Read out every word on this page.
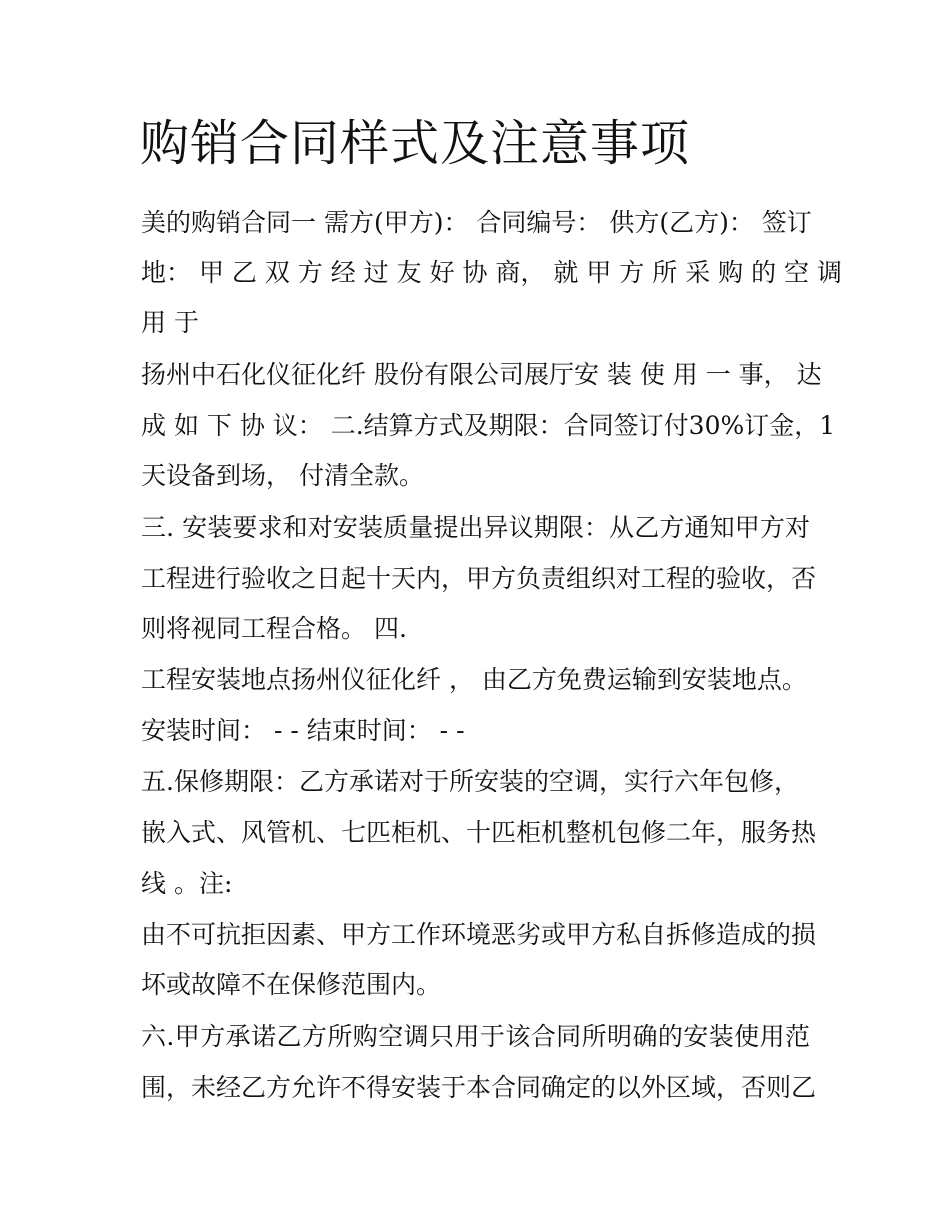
购销合同样式及注意事项

美的购销合同一 需方(甲方)： 合同编号： 供方(乙方)： 签订

地： 甲 乙 双 方 经 过 友 好 协 商， 就 甲 方 所 采 购 的 空 调

用 于

扬州中石化仪征化纤 股份有限公司展厅安 装 使 用 一 事， 达

成 如 下 协 议： 二.结算方式及期限：合同签订付30%订金，1

天设备到场， 付清全款。

三. 安装要求和对安装质量提出异议期限：从乙方通知甲方对

工程进行验收之日起十天内，甲方负责组织对工程的验收，否

则将视同工程合格。 四.

工程安装地点扬州仪征化纤 ， 由乙方免费运输到安装地点。

安装时间： - - 结束时间： - -

五.保修期限：乙方承诺对于所安装的空调，实行六年包修，

嵌入式、风管机、七匹柜机、十匹柜机整机包修二年，服务热

线 。注:

由不可抗拒因素、甲方工作环境恶劣或甲方私自拆修造成的损

坏或故障不在保修范围内。

六.甲方承诺乙方所购空调只用于该合同所明确的安装使用范

围，未经乙方允许不得安装于本合同确定的以外区域，否则乙
